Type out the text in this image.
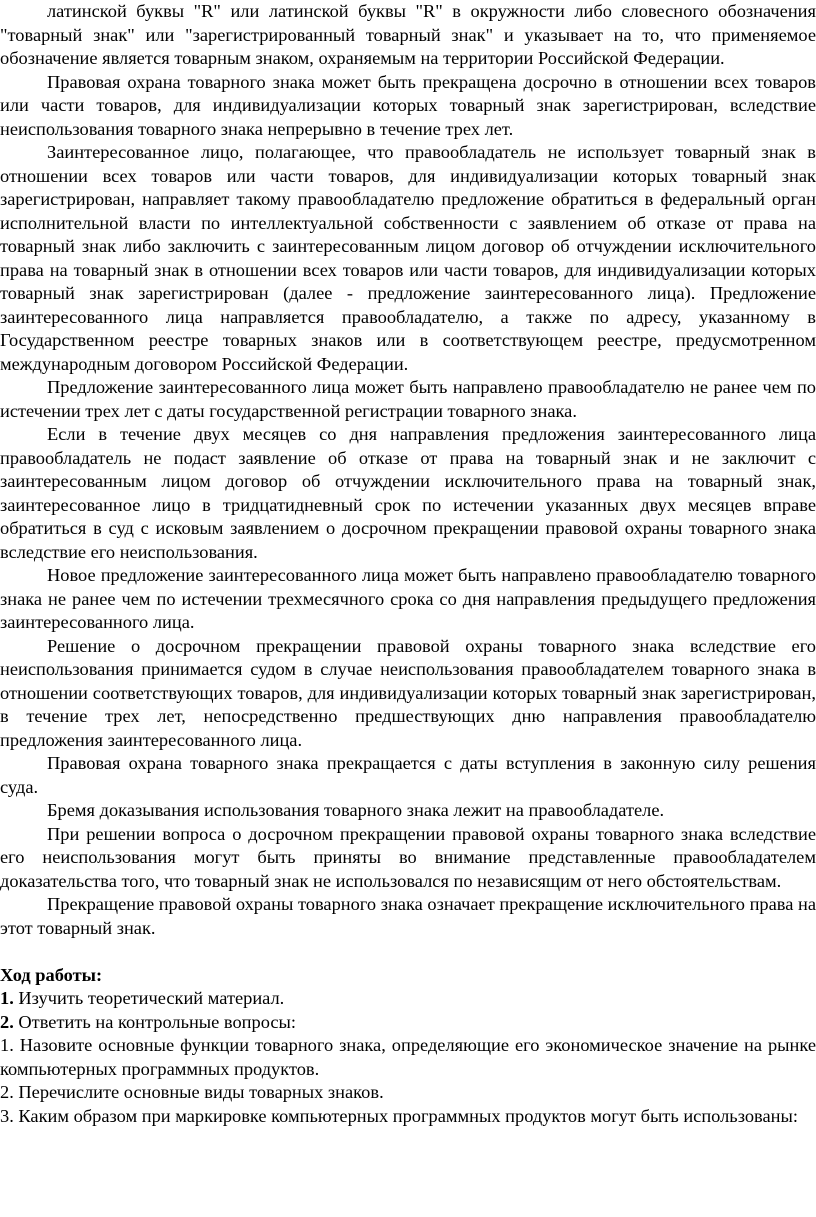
латинской буквы "R" или латинской буквы "R" в окружности либо словесного обозначения "товарный знак" или "зарегистрированный товарный знак" и указывает на то, что применяемое обозначение является товарным знаком, охраняемым на территории Российской Федерации.

Правовая охрана товарного знака может быть прекращена досрочно в отношении всех товаров или части товаров, для индивидуализации которых товарный знак зарегистрирован, вследствие неиспользования товарного знака непрерывно в течение трех лет.

Заинтересованное лицо, полагающее, что правообладатель не использует товарный знак в отношении всех товаров или части товаров, для индивидуализации которых товарный знак зарегистрирован, направляет такому правообладателю предложение обратиться в федеральный орган исполнительной власти по интеллектуальной собственности с заявлением об отказе от права на товарный знак либо заключить с заинтересованным лицом договор об отчуждении исключительного права на товарный знак в отношении всех товаров или части товаров, для индивидуализации которых товарный знак зарегистрирован (далее - предложение заинтересованного лица). Предложение заинтересованного лица направляется правообладателю, а также по адресу, указанному в Государственном реестре товарных знаков или в соответствующем реестре, предусмотренном международным договором Российской Федерации.

Предложение заинтересованного лица может быть направлено правообладателю не ранее чем по истечении трех лет с даты государственной регистрации товарного знака.

Если в течение двух месяцев со дня направления предложения заинтересованного лица правообладатель не подаст заявление об отказе от права на товарный знак и не заключит с заинтересованным лицом договор об отчуждении исключительного права на товарный знак, заинтересованное лицо в тридцатидневный срок по истечении указанных двух месяцев вправе обратиться в суд с исковым заявлением о досрочном прекращении правовой охраны товарного знака вследствие его неиспользования.

Новое предложение заинтересованного лица может быть направлено правообладателю товарного знака не ранее чем по истечении трехмесячного срока со дня направления предыдущего предложения заинтересованного лица.

Решение о досрочном прекращении правовой охраны товарного знака вследствие его неиспользования принимается судом в случае неиспользования правообладателем товарного знака в отношении соответствующих товаров, для индивидуализации которых товарный знак зарегистрирован, в течение трех лет, непосредственно предшествующих дню направления правообладателю предложения заинтересованного лица.

Правовая охрана товарного знака прекращается с даты вступления в законную силу решения суда.

Бремя доказывания использования товарного знака лежит на правообладателе.

При решении вопроса о досрочном прекращении правовой охраны товарного знака вследствие его неиспользования могут быть приняты во внимание представленные правообладателем доказательства того, что товарный знак не использовался по независящим от него обстоятельствам.

Прекращение правовой охраны товарного знака означает прекращение исключительного права на этот товарный знак.

Ход работы:

1. Изучить теоретический материал.

2. Ответить на контрольные вопросы:

1. Назовите основные функции товарного знака, определяющие его экономическое значение на рынке компьютерных программных продуктов.

2. Перечислите основные виды товарных знаков.

3. Каким образом при маркировке компьютерных программных продуктов могут быть использованы:
